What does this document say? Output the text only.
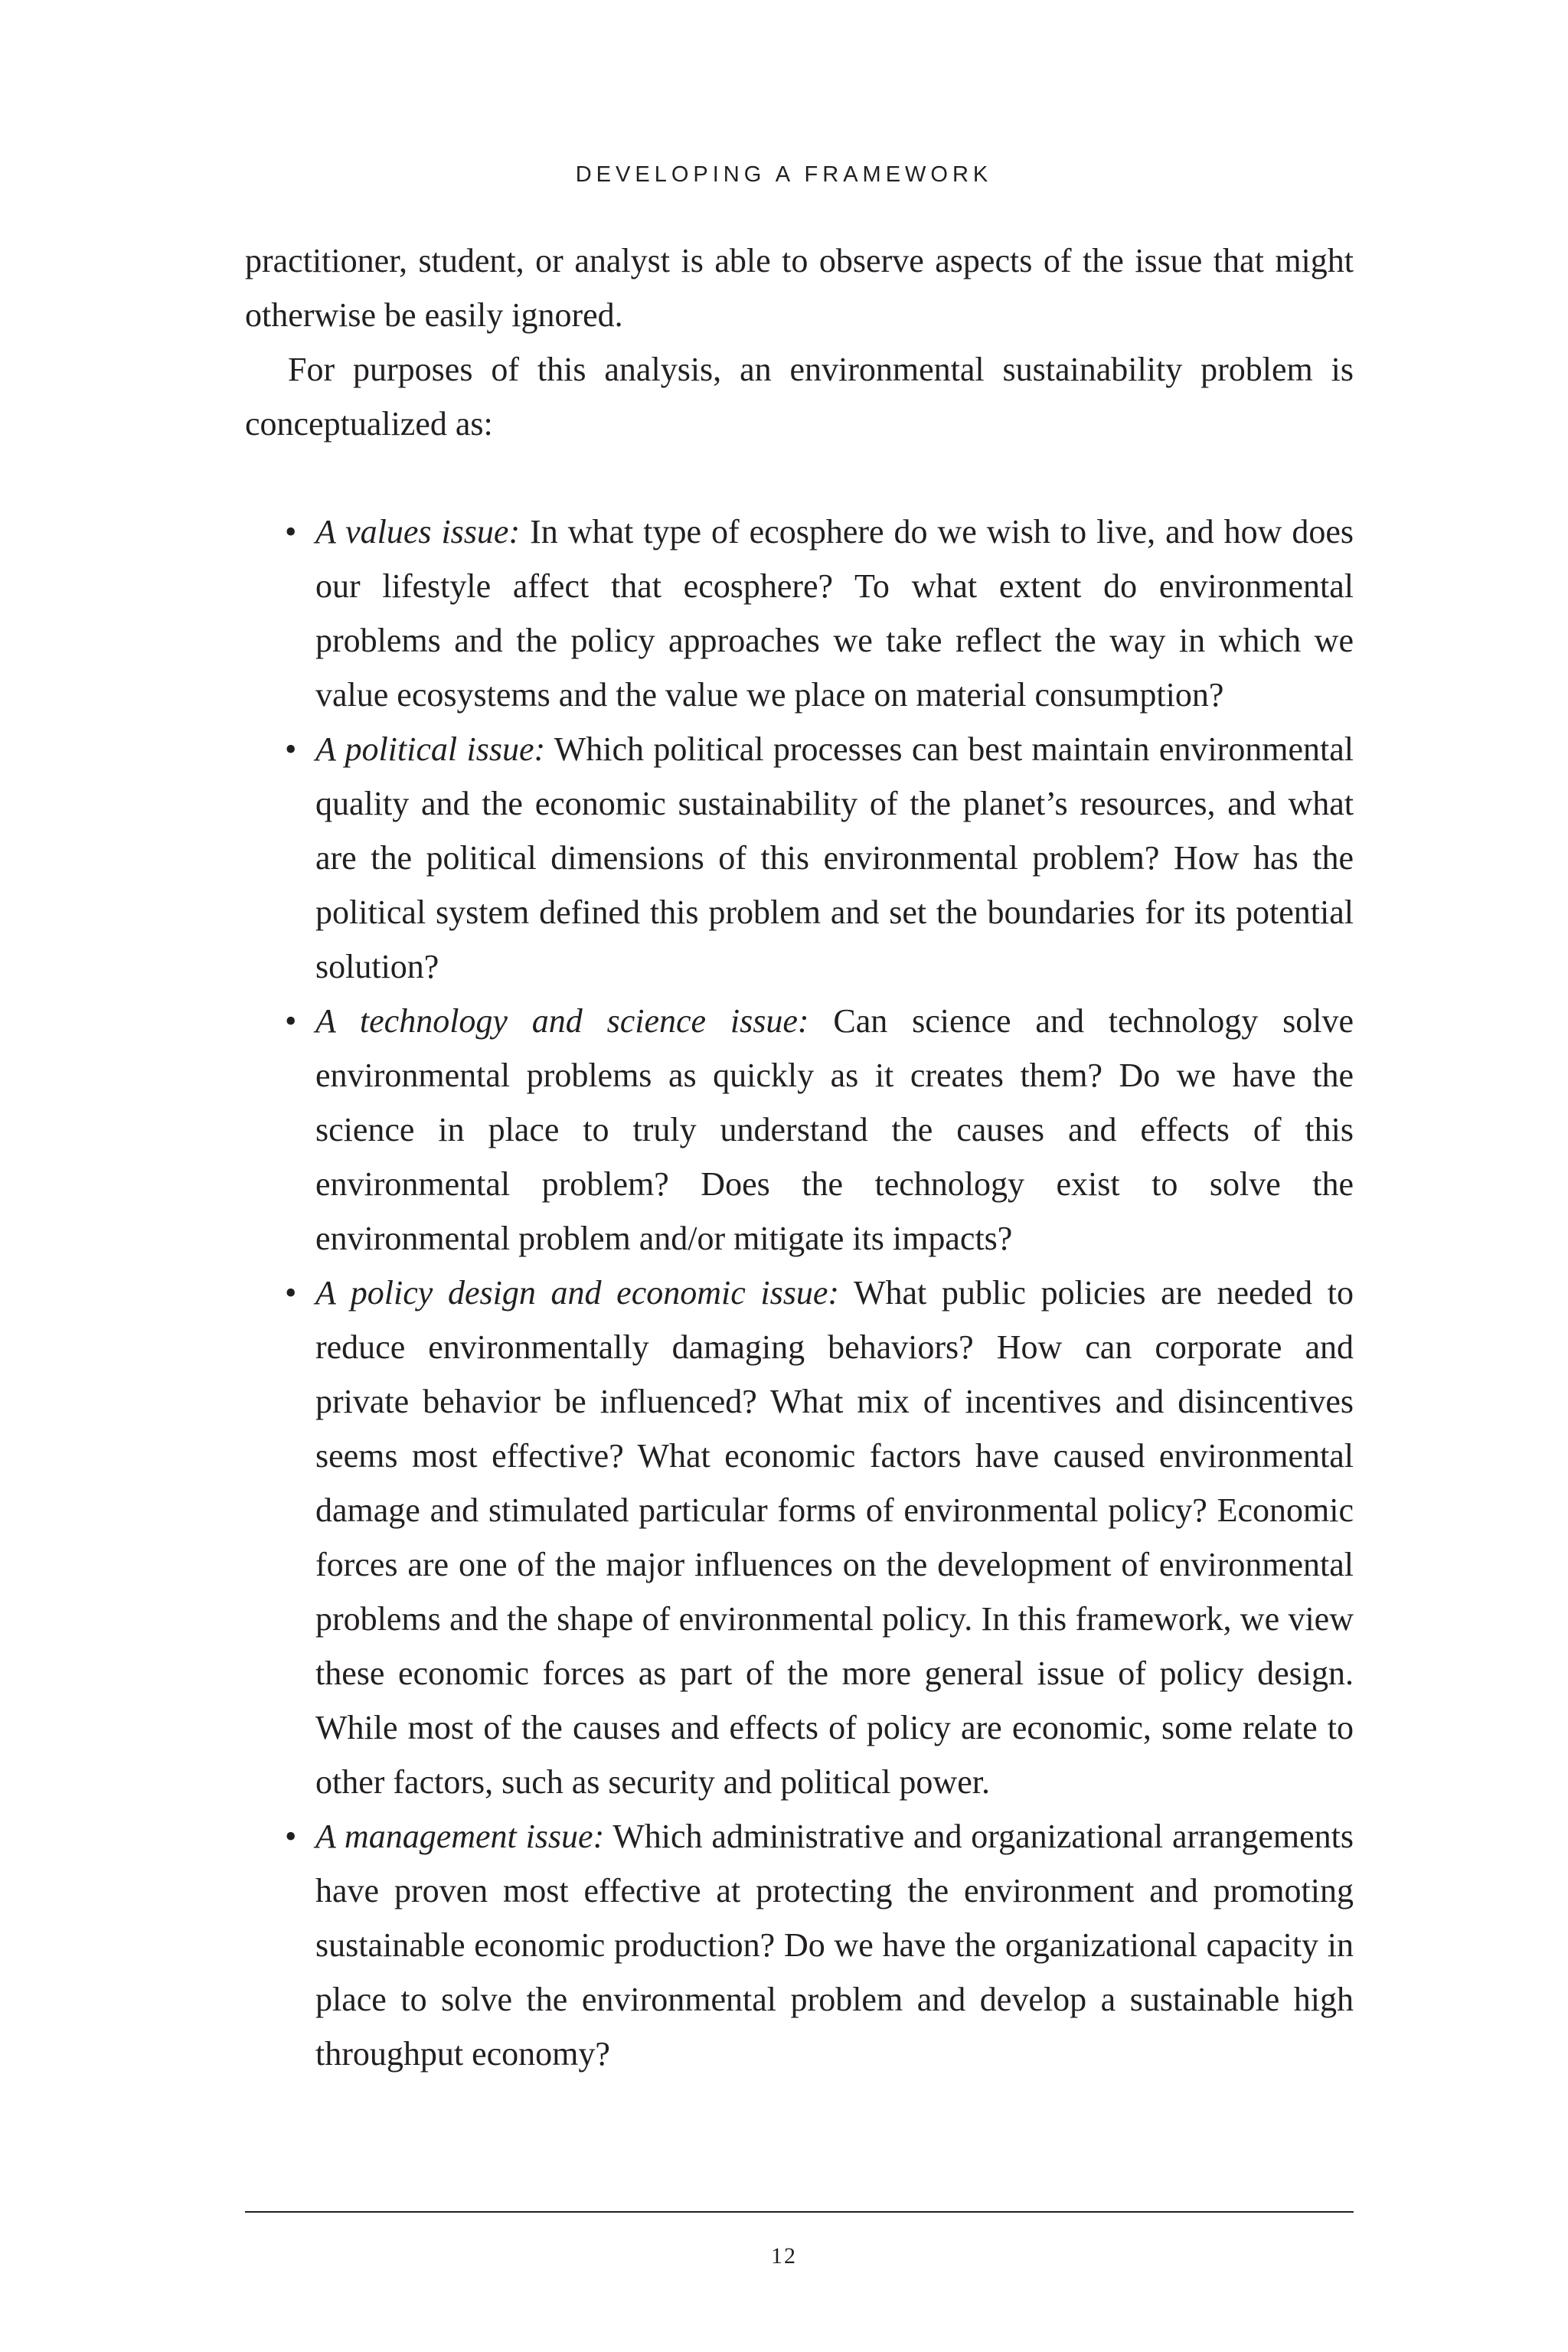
DEVELOPING A FRAMEWORK

practitioner, student, or analyst is able to observe aspects of the issue that might otherwise be easily ignored.

For purposes of this analysis, an environmental sustainability problem is conceptualized as:

• A values issue: In what type of ecosphere do we wish to live, and how does our lifestyle affect that ecosphere? To what extent do environmental problems and the policy approaches we take reflect the way in which we value ecosystems and the value we place on material consumption?
• A political issue: Which political processes can best maintain environmental quality and the economic sustainability of the planet’s resources, and what are the political dimensions of this environmental problem? How has the political system defined this problem and set the boundaries for its potential solution?
• A technology and science issue: Can science and technology solve environmental problems as quickly as it creates them? Do we have the science in place to truly understand the causes and effects of this environmental problem? Does the technology exist to solve the environmental problem and/or mitigate its impacts?
• A policy design and economic issue: What public policies are needed to reduce environmentally damaging behaviors? How can corporate and private behavior be influenced? What mix of incentives and disincentives seems most effective? What economic factors have caused environmental damage and stimulated particular forms of environmental policy? Economic forces are one of the major influences on the development of environmental problems and the shape of environmental policy. In this framework, we view these economic forces as part of the more general issue of policy design. While most of the causes and effects of policy are economic, some relate to other factors, such as security and political power.
• A management issue: Which administrative and organizational arrangements have proven most effective at protecting the environment and promoting sustainable economic production? Do we have the organizational capacity in place to solve the environmental problem and develop a sustainable high throughput economy?
12
